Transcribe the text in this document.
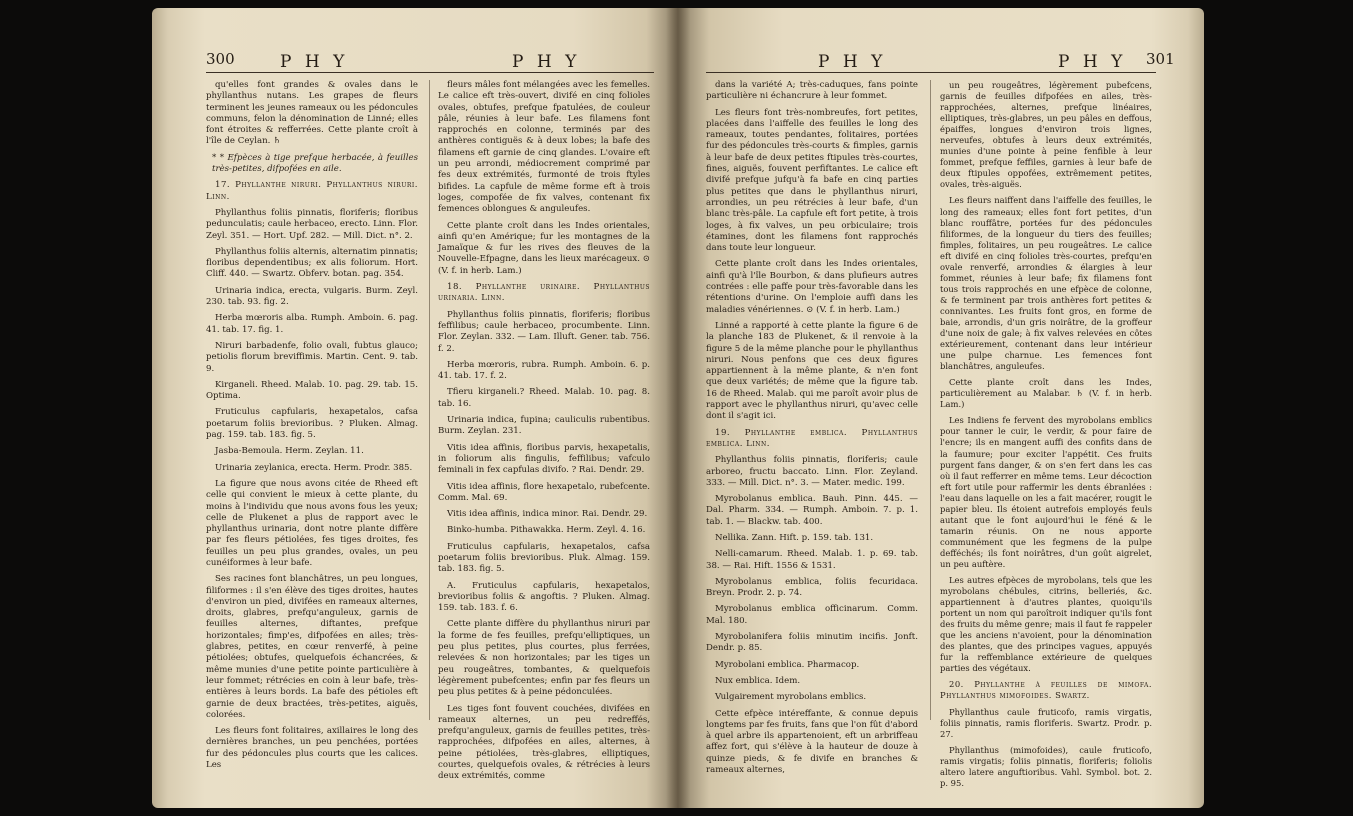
300	P H Y	P H Y

qu'elles font grandes & ovales dans le phyllanthus nutans. Les grapes de fleurs terminent les jeunes rameaux ou les pédoncules communs, felon la dénomination de Linné; elles font étroites & refferrées. Cette plante croît à l'île de Ceylan. ♄

* * Efpèces à tige prefque herbacée, à feuilles très-petites, difpofées en aile.

17. Phyllanthe niruri. Phyllanthus niruri. Linn.

Phyllanthus foliis pinnatis, floriferis; floribus pedunculatis; caule herbaceo, erecto. Linn. Flor. Zeyl. 351. — Hort. Upf. 282. — Mill. Dict. n°. 2.

Phyllanthus foliis alternis, alternatim pinnatis; floribus dependentibus; ex alis foliorum. Hort. Cliff. 440. — Swartz. Obferv. botan. pag. 354.

Urinaria indica, erecta, vulgaris. Burm. Zeyl. 230. tab. 93. fig. 2.

Herba mœroris alba. Rumph. Amboin. 6. pag. 41. tab. 17. fig. 1.

Niruri barbadenfe, folio ovali, fubtus glauco; petiolis florum breviffimis. Martin. Cent. 9. tab. 9.

Kirganeli. Rheed. Malab. 10. pag. 29. tab. 15. Optima.

Fruticulus capfularis, hexapetalos, cafsa poetarum foliis brevioribus. ? Pluken. Almag. pag. 159. tab. 183. fig. 5.

Jasba-Bemoula. Herm. Zeylan. 11.

Urinaria zeylanica, erecta. Herm. Prodr. 385.

La figure que nous avons citée de Rheed eft celle qui convient le mieux à cette plante, du moins à l'individu que nous avons fous les yeux; celle de Plukenet a plus de rapport avec le phyllanthus urinaria, dont notre plante diffère par fes fleurs pétiolées, fes tiges droites, fes feuilles un peu plus grandes, ovales, un peu cunéiformes à leur bafe.

Ses racines font blanchâtres, un peu longues, filiformes : il s'en élève des tiges droites, hautes d'environ un pied, divifées en rameaux alternes, droits, glabres, prefqu'anguleux, garnis de feuilles alternes, diftantes, prefque horizontales; fimp'es, difpofées en ailes; très-glabres, petites, en cœur renverfé, à peine pétiolées; obtufes, quelquefois échancrées, & même munies d'une petite pointe particulière à leur fommet; rétrécies en coin à leur bafe, très-entières à leurs bords. La bafe des pétioles eft garnie de deux bractées, très-petites, aiguës, colorées.

Les fleurs font folitaires, axillaires le long des dernières branches, un peu penchées, portées fur des pédoncules plus courts que les calices. Les

fleurs mâles font mélangées avec les femelles. Le calice eft très-ouvert, divifé en cinq folioles ovales, obtufes, prefque fpatulées, de couleur pâle, réunies à leur bafe. Les filamens font rapprochés en colonne, terminés par des anthères contiguës & à deux lobes; la bafe des filamens eft garnie de cinq glandes. L'ovaire eft un peu arrondi, médiocrement comprimé par fes deux extrémités, furmonté de trois ftyles bifides. La capfule de même forme eft à trois loges, compofée de fix valves, contenant fix femences oblongues & anguleufes.

Cette plante croît dans les Indes orientales, ainfi qu'en Amérique; fur les montagnes de la Jamaïque & fur les rives des fleuves de la Nouvelle-Efpagne, dans les lieux marécageux. ⊙ (V. f. in herb. Lam.)

18. Phyllanthe urinaire. Phyllanthus urinaria. Linn.

Phyllanthus foliis pinnatis, floriferis; floribus feffilibus; caule herbaceo, procumbente. Linn. Flor. Zeylan. 332. — Lam. Illuft. Gener. tab. 756. f. 2.

Herba mœroris, rubra. Rumph. Amboin. 6. p. 41. tab. 17. f. 2.

Tfieru kirganeli.? Rheed. Malab. 10. pag. 8. tab. 16.

Urinaria indica, fupina; cauliculis rubentibus. Burm. Zeylan. 231.

Vitis idea affinis, floribus parvis, hexapetalis, in foliorum alis fingulis, feffilibus; vafculo feminali in fex capfulas divifo. ? Rai. Dendr. 29.

Vitis idea affinis, flore hexapetalo, rubefcente. Comm. Mal. 69.

Vitis idea affinis, indica minor. Rai. Dendr. 29.

Binko-humba. Pithawakka. Herm. Zeyl. 4. 16.

Fruticulus capfularis, hexapetalos, cafsa poetarum foliis brevioribus. Pluk. Almag. 159. tab. 183. fig. 5.

A. Fruticulus capfularis, hexapetalos, brevioribus foliis & angoftis. ? Pluken. Almag. 159. tab. 183. f. 6.

Cette plante diffère du phyllanthus niruri par la forme de fes feuilles, prefqu'elliptiques, un peu plus petites, plus courtes, plus ferrées, relevées & non horizontales; par les tiges un peu rougeâtres, tombantes, & quelquefois légèrement pubefcentes; enfin par fes fleurs un peu plus petites & à peine pédonculées.

Les tiges font fouvent couchées, divifées en rameaux alternes, un peu redreffés, prefqu'anguleux, garnis de feuilles petites, très-rapprochées, difpofées en ailes, alternes, à peine pétiolées, très-glabres, elliptiques, courtes, quelquefois ovales, & rétrécies à leurs deux extrémités, comme

P H Y	P H Y 301

dans la variété A; très-caduques, fans pointe particulière ni échancrure à leur fommet.

Les fleurs font très-nombreufes, fort petites, placées dans l'aiffelle des feuilles le long des rameaux, toutes pendantes, folitaires, portées fur des pédoncules très-courts & fimples, garnis à leur bafe de deux petites ftipules très-courtes, fines, aiguës, fouvent perfiftantes. Le calice eft divifé prefque jufqu'à fa bafe en cinq parties plus petites que dans le phyllanthus niruri, arrondies, un peu rétrécies à leur bafe, d'un blanc très-pâle. La capfule eft fort petite, à trois loges, à fix valves, un peu orbiculaire; trois étamines, dont les filamens font rapprochés dans toute leur longueur.

Cette plante croît dans les Indes orientales, ainfi qu'à l'île Bourbon, & dans plufieurs autres contrées : elle paffe pour très-favorable dans les rétentions d'urine. On l'emploie auffi dans les maladies vénériennes. ⊙ (V. f. in herb. Lam.)

Linné a rapporté à cette plante la figure 6 de la planche 183 de Plukenet, & il renvoie à la figure 5 de la même planche pour le phyllanthus niruri. Nous penfons que ces deux figures appartiennent à la même plante, & n'en font que deux variétés; de même que la figure tab. 16 de Rheed. Malab. qui me paroît avoir plus de rapport avec le phyllanthus niruri, qu'avec celle dont il s'agit ici.

19. Phyllanthe emblica. Phyllanthus emblica. Linn.

Phyllanthus foliis pinnatis, floriferis; caule arboreo, fructu baccato. Linn. Flor. Zeyland. 333. — Mill. Dict. n°. 3. — Mater. medic. 199.

Myrobolanus emblica. Bauh. Pinn. 445. — Dal. Pharm. 334. — Rumph. Amboin. 7. p. 1. tab. 1. — Blackw. tab. 400.

Nellika. Zann. Hift. p. 159. tab. 131.

Nelli-camarum. Rheed. Malab. 1. p. 69. tab. 38. — Rai. Hift. 1556 & 1531.

Myrobolanus emblica, foliis fecuridaca. Breyn. Prodr. 2. p. 74.

Myrobolanus emblica officinarum. Comm. Mal. 180.

Myrobolanifera foliis minutim incifis. Jonft. Dendr. p. 85.

Myrobolani emblica. Pharmacop.

Nux emblica. Idem.

Vulgairement myrobolans emblics.

Cette efpèce intéreffante, & connue depuis longtems par fes fruits, fans que l'on fût d'abord à quel arbre ils appartenoient, eft un arbriffeau affez fort, qui s'élève à la hauteur de douze à quinze pieds, & fe divife en branches & rameaux alternes,

un peu rougeâtres, légèrement pubefcens, garnis de feuilles difpofées en ailes, très-rapprochées, alternes, prefque linéaires, elliptiques, très-glabres, un peu pâles en deffous, épaiffes, longues d'environ trois lignes, nerveufes, obtufes à leurs deux extrémités, munies d'une pointe à peine fenfible à leur fommet, prefque feffiles, garnies à leur bafe de deux ftipules oppofées, extrêmement petites, ovales, très-aiguës.

Les fleurs naiffent dans l'aiffelle des feuilles, le long des rameaux; elles font fort petites, d'un blanc rouffâtre, portées fur des pédoncules filiformes, de la longueur du tiers des feuilles; fimples, folitaires, un peu rougeâtres. Le calice eft divifé en cinq folioles très-courtes, prefqu'en ovale renverfé, arrondies & élargies à leur fommet, réunies à leur bafe; fix filamens font tous trois rapprochés en une efpèce de colonne, & fe terminent par trois anthères fort petites & connivantes. Les fruits font gros, en forme de baie, arrondis, d'un gris noirâtre, de la groffeur d'une noix de gale; à fix valves relevées en côtes extérieurement, contenant dans leur intérieur une pulpe charnue. Les femences font blanchâtres, anguleufes.

Cette plante croît dans les Indes, particulièrement au Malabar. ♄ (V. f. in herb. Lam.)

Les Indiens fe fervent des myrobolans emblics pour tanner le cuir, le verdir, & pour faire de l'encre; ils en mangent auffi des confits dans de la faumure; pour exciter l'appétit. Ces fruits purgent fans danger, & on s'en fert dans les cas où il faut refferrer en même tems. Leur décoction eft fort utile pour raffermir les dents ébranlées : l'eau dans laquelle on les a fait macérer, rougit le papier bleu. Ils étoient autrefois employés feuls autant que le font aujourd'hui le féné & le tamarin réunis. On ne nous apporte communément que les fegmens de la pulpe defféchés; ils font noirâtres, d'un goût aigrelet, un peu auftère.

Les autres efpèces de myrobolans, tels que les myrobolans chébules, citrins, belleriés, &c. appartiennent à d'autres plantes, quoiqu'ils portent un nom qui paroîtroit indiquer qu'ils font des fruits du même genre; mais il faut fe rappeler que les anciens n'avoient, pour la dénomination des plantes, que des principes vagues, appuyés fur la reffemblance extérieure de quelques parties des végétaux.

20. Phyllanthe à feuilles de mimofa. Phyllanthus mimofoides. Swartz.

Phyllanthus caule fruticofo, ramis virgatis, foliis pinnatis, ramis floriferis. Swartz. Prodr. p. 27.

Phyllanthus (mimofoides), caule fruticofo, ramis virgatis; foliis pinnatis, floriferis; foliolis altero latere anguftioribus. Vahl. Symbol. bot. 2. p. 95.
